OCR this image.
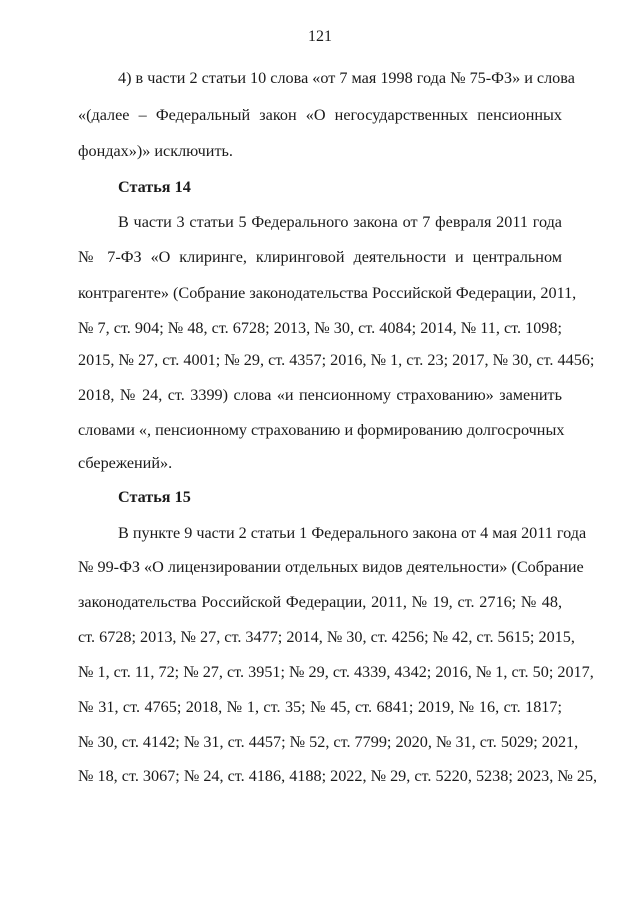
121
4) в части 2 статьи 10 слова «от 7 мая 1998 года № 75-ФЗ» и слова
«(далее – Федеральный закон «О негосударственных пенсионных
фондах»)» исключить.
Статья 14
В части 3 статьи 5 Федерального закона от 7 февраля 2011 года
№ 7-ФЗ «О клиринге, клиринговой деятельности и центральном
контрагенте» (Собрание законодательства Российской Федерации, 2011,
№ 7, ст. 904; № 48, ст. 6728; 2013, № 30, ст. 4084; 2014, № 11, ст. 1098;
2015, № 27, ст. 4001; № 29, ст. 4357; 2016, № 1, ст. 23; 2017, № 30, ст. 4456;
2018, № 24, ст. 3399) слова «и пенсионному страхованию» заменить
словами «, пенсионному страхованию и формированию долгосрочных
сбережений».
Статья 15
В пункте 9 части 2 статьи 1 Федерального закона от 4 мая 2011 года
№ 99-ФЗ «О лицензировании отдельных видов деятельности» (Собрание
законодательства Российской Федерации, 2011, № 19, ст. 2716; № 48,
ст. 6728; 2013, № 27, ст. 3477; 2014, № 30, ст. 4256; № 42, ст. 5615; 2015,
№ 1, ст. 11, 72; № 27, ст. 3951; № 29, ст. 4339, 4342; 2016, № 1, ст. 50; 2017,
№ 31, ст. 4765; 2018, № 1, ст. 35; № 45, ст. 6841; 2019, № 16, ст. 1817;
№ 30, ст. 4142; № 31, ст. 4457; № 52, ст. 7799; 2020, № 31, ст. 5029; 2021,
№ 18, ст. 3067; № 24, ст. 4186, 4188; 2022, № 29, ст. 5220, 5238; 2023, № 25,
